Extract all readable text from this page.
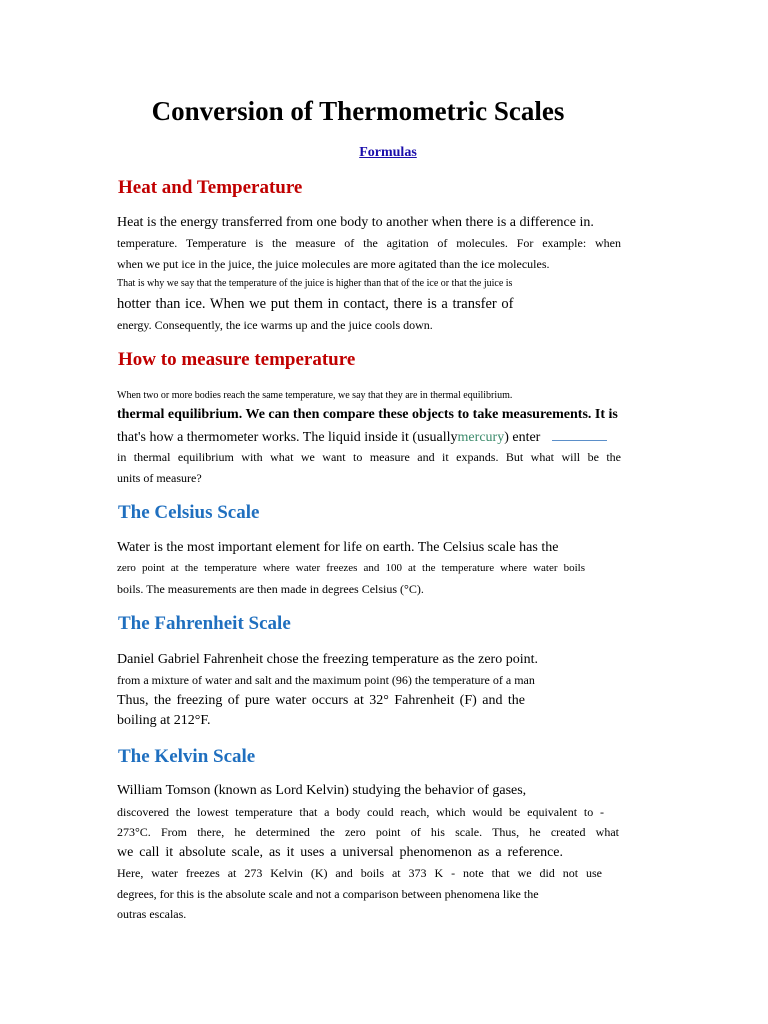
Conversion of Thermometric Scales
Formulas
Heat and Temperature
Heat is the energy transferred from one body to another when there is a difference in.
temperature. Temperature is the measure of the agitation of molecules. For example: when
when we put ice in the juice, the juice molecules are more agitated than the ice molecules.
That is why we say that the temperature of the juice is higher than that of the ice or that the juice is
hotter than ice. When we put them in contact, there is a transfer of
energy. Consequently, the ice warms up and the juice cools down.
How to measure temperature
When two or more bodies reach the same temperature, we say that they are in thermal equilibrium.
thermal equilibrium. We can then compare these objects to take measurements. It is
that's how a thermometer works. The liquid inside it (usuallymercury) enter
in thermal equilibrium with what we want to measure and it expands. But what will be the
units of measure?
The Celsius Scale
Water is the most important element for life on earth. The Celsius scale has the
zero point at the temperature where water freezes and 100 at the temperature where water boils
boils. The measurements are then made in degrees Celsius (°C).
The Fahrenheit Scale
Daniel Gabriel Fahrenheit chose the freezing temperature as the zero point.
from a mixture of water and salt and the maximum point (96) the temperature of a man
Thus, the freezing of pure water occurs at 32° Fahrenheit (F) and the
boiling at 212°F.
The Kelvin Scale
William Tomson (known as Lord Kelvin) studying the behavior of gases,
discovered the lowest temperature that a body could reach, which would be equivalent to -
273°C. From there, he determined the zero point of his scale. Thus, he created what
we call it absolute scale, as it uses a universal phenomenon as a reference.
Here, water freezes at 273 Kelvin (K) and boils at 373 K - note that we did not use
degrees, for this is the absolute scale and not a comparison between phenomena like the
outras escalas.
